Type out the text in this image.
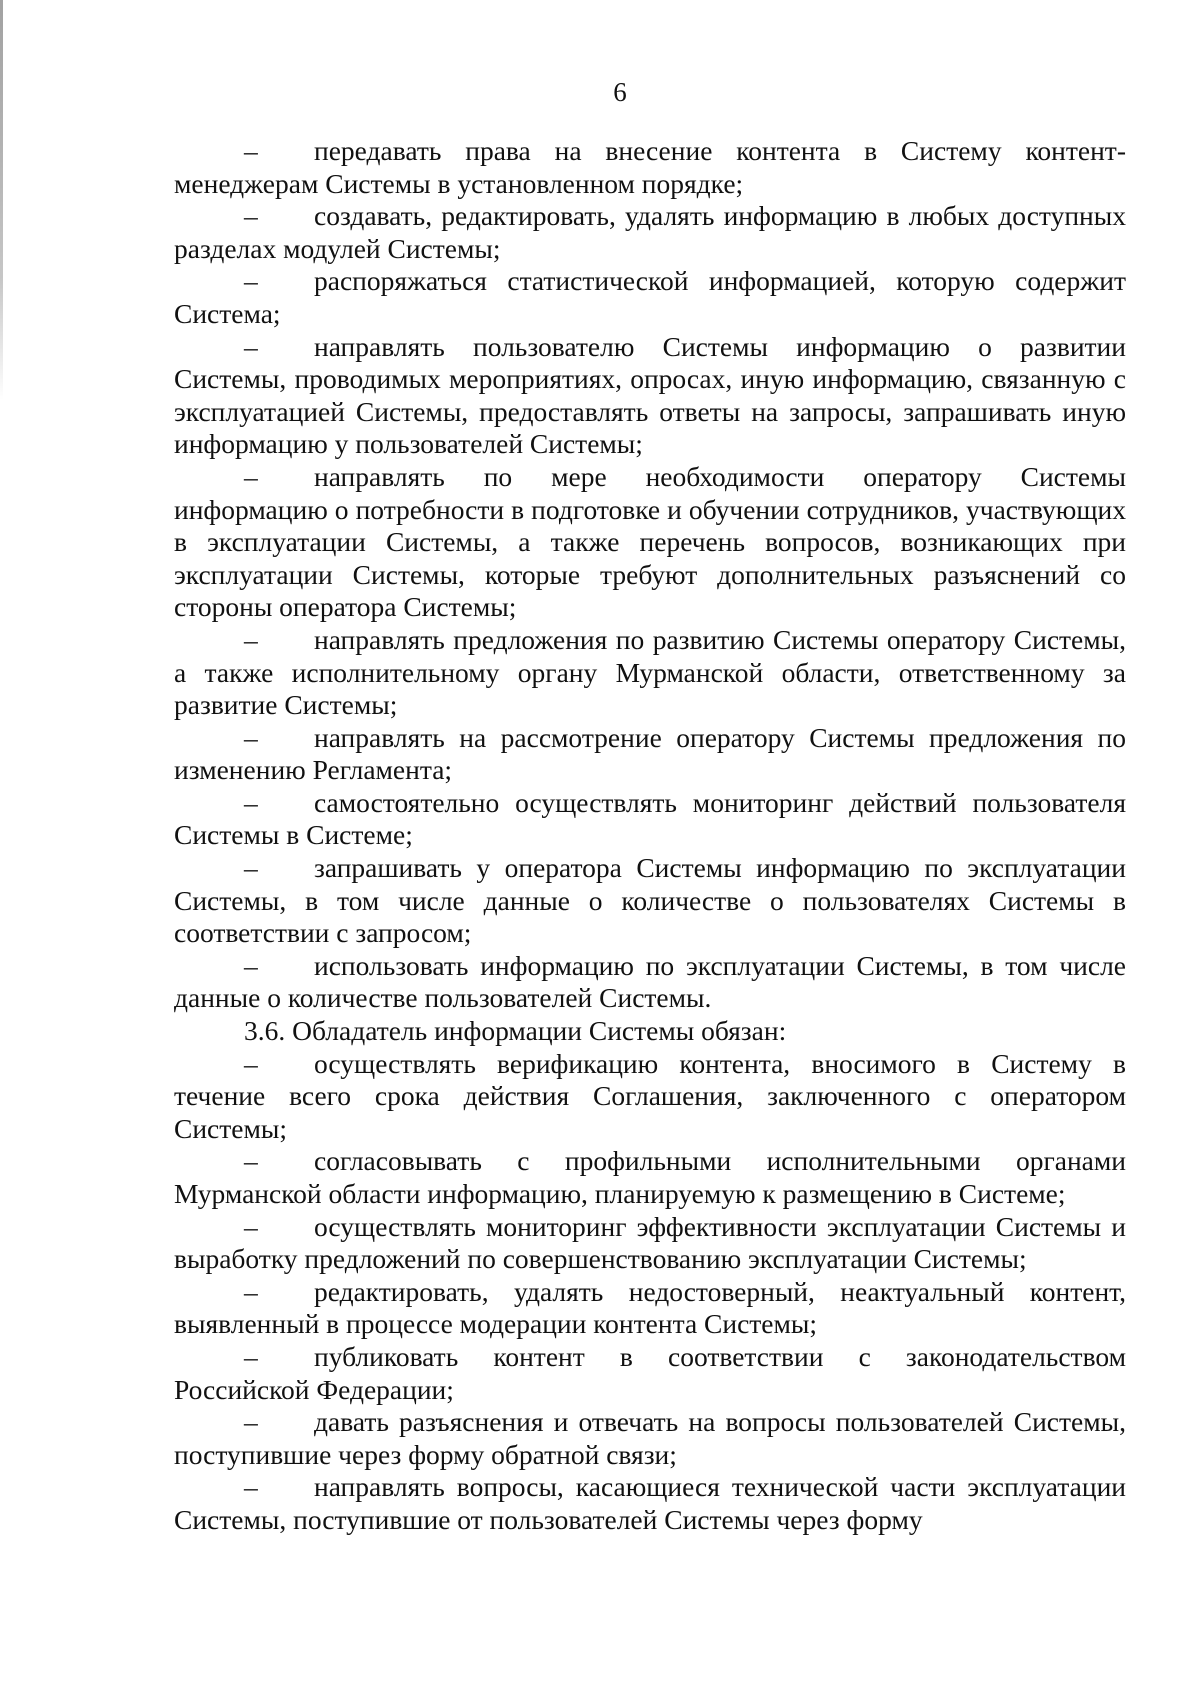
6

– передавать права на внесение контента в Систему контент-менеджерам Системы в установленном порядке;

– создавать, редактировать, удалять информацию в любых доступных разделах модулей Системы;

– распоряжаться статистической информацией, которую содержит Система;

– направлять пользователю Системы информацию о развитии Системы, проводимых мероприятиях, опросах, иную информацию, связанную с эксплуатацией Системы, предоставлять ответы на запросы, запрашивать иную информацию у пользователей Системы;

– направлять по мере необходимости оператору Системы информацию о потребности в подготовке и обучении сотрудников, участвующих в эксплуатации Системы, а также перечень вопросов, возникающих при эксплуатации Системы, которые требуют дополнительных разъяснений со стороны оператора Системы;

– направлять предложения по развитию Системы оператору Системы, а также исполнительному органу Мурманской области, ответственному за развитие Системы;

– направлять на рассмотрение оператору Системы предложения по изменению Регламента;

– самостоятельно осуществлять мониторинг действий пользователя Системы в Системе;

– запрашивать у оператора Системы информацию по эксплуатации Системы, в том числе данные о количестве о пользователях Системы в соответствии с запросом;

– использовать информацию по эксплуатации Системы, в том числе данные о количестве пользователей Системы.

3.6. Обладатель информации Системы обязан:

– осуществлять верификацию контента, вносимого в Систему в течение всего срока действия Соглашения, заключенного с оператором Системы;

– согласовывать с профильными исполнительными органами Мурманской области информацию, планируемую к размещению в Системе;

– осуществлять мониторинг эффективности эксплуатации Системы и выработку предложений по совершенствованию эксплуатации Системы;

– редактировать, удалять недостоверный, неактуальный контент, выявленный в процессе модерации контента Системы;

– публиковать контент в соответствии с законодательством Российской Федерации;

– давать разъяснения и отвечать на вопросы пользователей Системы, поступившие через форму обратной связи;

– направлять вопросы, касающиеся технической части эксплуатации Системы, поступившие от пользователей Системы через форму
